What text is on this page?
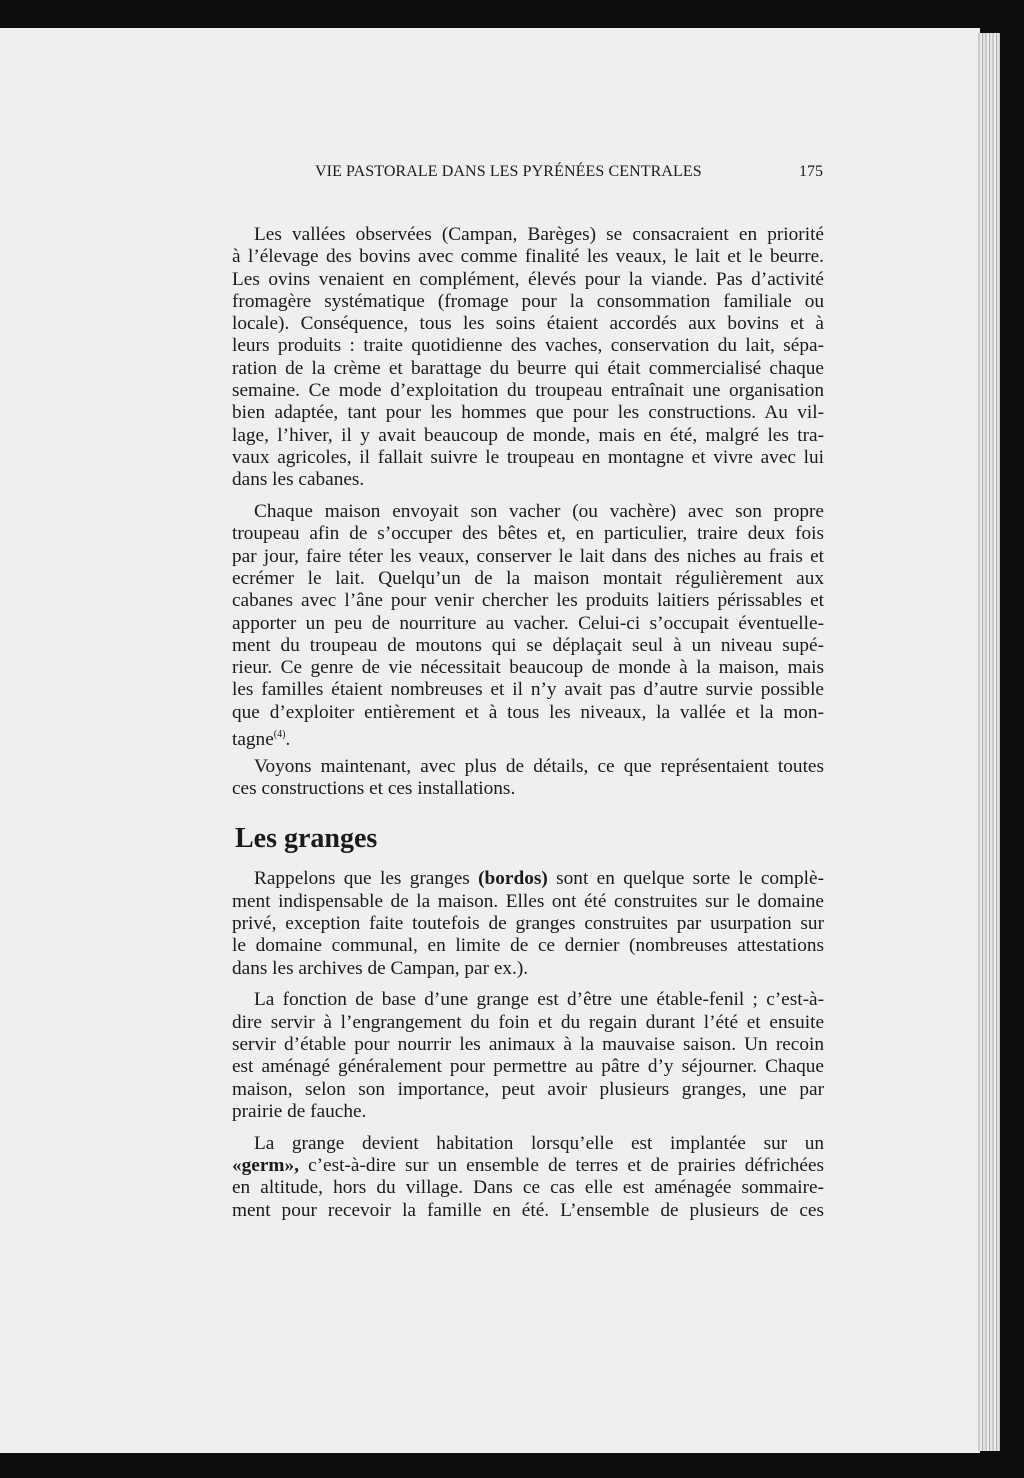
VIE PASTORALE DANS LES PYRÉNÉES CENTRALES	175
Les vallées observées (Campan, Barèges) se consacraient en priorité
à l’élevage des bovins avec comme finalité les veaux, le lait et le beurre.
Les ovins venaient en complément, élevés pour la viande. Pas d’activité
fromagère systématique (fromage pour la consommation familiale ou
locale). Conséquence, tous les soins étaient accordés aux bovins et à
leurs produits : traite quotidienne des vaches, conservation du lait, sépa-
ration de la crème et barattage du beurre qui était commercialisé chaque
semaine. Ce mode d’exploitation du troupeau entraînait une organisation
bien adaptée, tant pour les hommes que pour les constructions. Au vil-
lage, l’hiver, il y avait beaucoup de monde, mais en été, malgré les tra-
vaux agricoles, il fallait suivre le troupeau en montagne et vivre avec lui
dans les cabanes.
Chaque maison envoyait son vacher (ou vachère) avec son propre
troupeau afin de s’occuper des bêtes et, en particulier, traire deux fois
par jour, faire téter les veaux, conserver le lait dans des niches au frais et
ecrémer le lait. Quelqu’un de la maison montait régulièrement aux
cabanes avec l’âne pour venir chercher les produits laitiers périssables et
apporter un peu de nourriture au vacher. Celui-ci s’occupait éventuelle-
ment du troupeau de moutons qui se déplaçait seul à un niveau supé-
rieur. Ce genre de vie nécessitait beaucoup de monde à la maison, mais
les familles étaient nombreuses et il n’y avait pas d’autre survie possible
que d’exploiter entièrement et à tous les niveaux, la vallée et la mon-
tagne$^{(4)}$.
Voyons maintenant, avec plus de détails, ce que représentaient toutes
ces constructions et ces installations.
Les granges
Rappelons que les granges (bordos) sont en quelque sorte le complè-
ment indispensable de la maison. Elles ont été construites sur le domaine
privé, exception faite toutefois de granges construites par usurpation sur
le domaine communal, en limite de ce dernier (nombreuses attestations
dans les archives de Campan, par ex.).
La fonction de base d’une grange est d’être une étable-fenil ; c’est-à-
dire servir à l’engrangement du foin et du regain durant l’été et ensuite
servir d’étable pour nourrir les animaux à la mauvaise saison. Un recoin
est aménagé généralement pour permettre au pâtre d’y séjourner. Chaque
maison, selon son importance, peut avoir plusieurs granges, une par
prairie de fauche.
La grange devient habitation lorsqu’elle est implantée sur un
«germ», c’est-à-dire sur un ensemble de terres et de prairies défrichées
en altitude, hors du village. Dans ce cas elle est aménagée sommaire-
ment pour recevoir la famille en été. L’ensemble de plusieurs de ces
